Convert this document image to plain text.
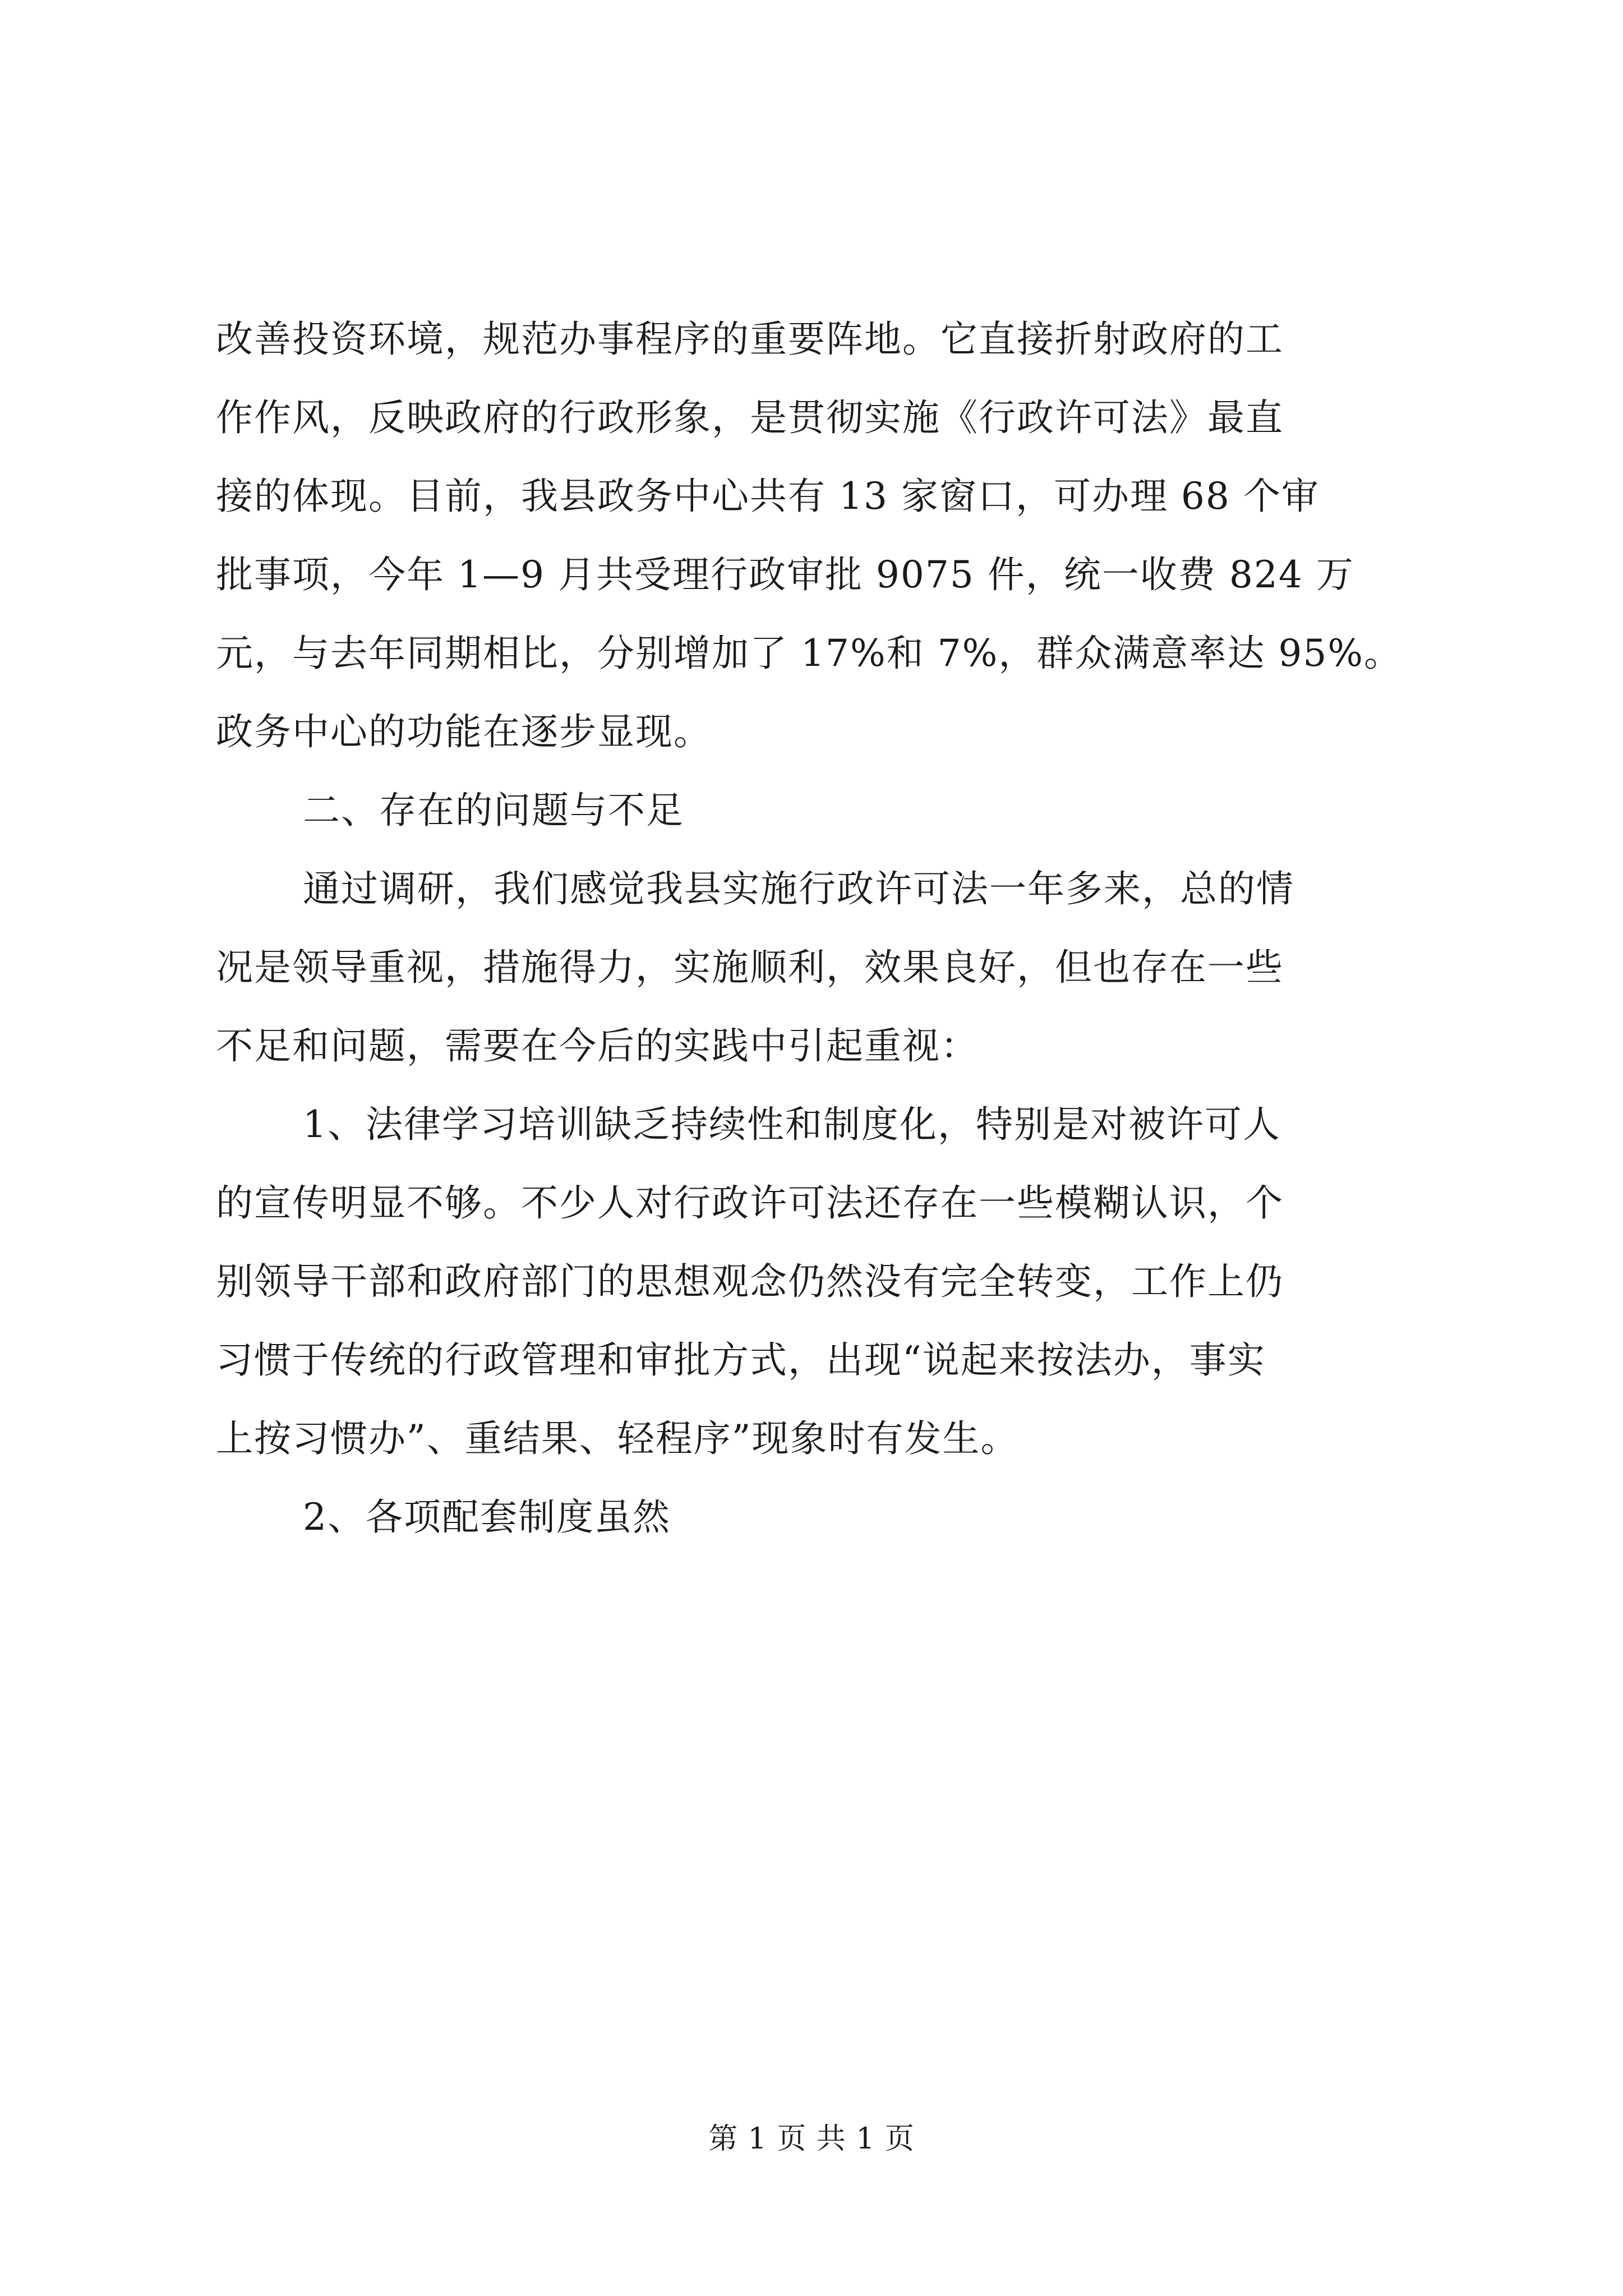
改善投资环境，规范办事程序的重要阵地。它直接折射政府的工
作作风，反映政府的行政形象，是贯彻实施《行政许可法》最直
接的体现。目前，我县政务中心共有 13 家窗口，可办理 68 个审
批事项，今年 1—9 月共受理行政审批 9075 件，统一收费 824 万
元，与去年同期相比，分别增加了 17%和 7%，群众满意率达 95%。
政务中心的功能在逐步显现。
二、存在的问题与不足
通过调研，我们感觉我县实施行政许可法一年多来，总的情
况是领导重视，措施得力，实施顺利，效果良好，但也存在一些
不足和问题，需要在今后的实践中引起重视：
1、法律学习培训缺乏持续性和制度化，特别是对被许可人
的宣传明显不够。不少人对行政许可法还存在一些模糊认识，个
别领导干部和政府部门的思想观念仍然没有完全转变，工作上仍
习惯于传统的行政管理和审批方式，出现“说起来按法办，事实
上按习惯办”、重结果、轻程序”现象时有发生。
2、各项配套制度虽然
第 1 页 共 1 页
